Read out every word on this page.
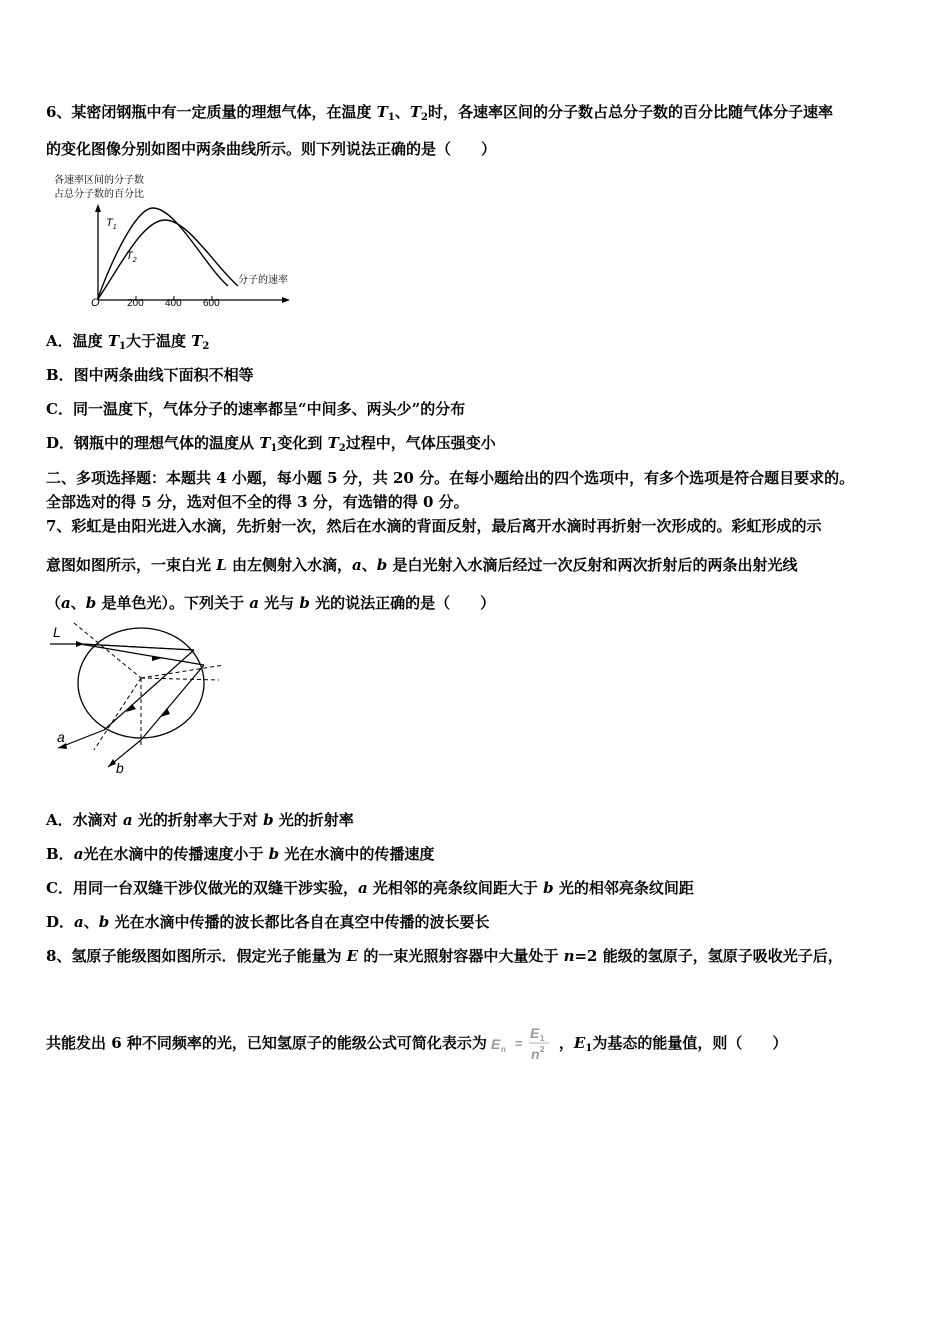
6、某密闭钢瓶中有一定质量的理想气体，在温度 $T_1$、$T_2$时，各速率区间的分子数占总分子数的百分比随气体分子速率
的变化图像分别如图中两条曲线所示。则下列说法正确的是（　　）
各速率区间的分子数
占总分子数的百分比
分子的速率
O	200 400 600
$T_1$
$T_2$
A．温度 $T_1$大于温度 $T_2$
B．图中两条曲线下面积不相等
C．同一温度下，气体分子的速率都呈“中间多、两头少”的分布
D．钢瓶中的理想气体的温度从 $T_1$变化到 $T_2$过程中，气体压强变小
二、多项选择题：本题共 4 小题，每小题 5 分，共 20 分。在每小题给出的四个选项中，有多个选项是符合题目要求的。
全部选对的得 5 分，选对但不全的得 3 分，有选错的得 0 分。
7、彩虹是由阳光进入水滴，先折射一次，然后在水滴的背面反射，最后离开水滴时再折射一次形成的。彩虹形成的示
意图如图所示，一束白光 L 由左侧射入水滴，a、b 是白光射入水滴后经过一次反射和两次折射后的两条出射光线
（a、b 是单色光）。下列关于 a 光与 b 光的说法正确的是（　　）
L
a
b
A．水滴对 a 光的折射率大于对 b 光的折射率
B．a光在水滴中的传播速度小于 b 光在水滴中的传播速度
C．用同一台双缝干涉仪做光的双缝干涉实验，a 光相邻的亮条纹间距大于 b 光的相邻亮条纹间距
D．a、b 光在水滴中传播的波长都比各自在真空中传播的波长要长
8、氢原子能级图如图所示．假定光子能量为 E 的一束光照射容器中大量处于 n=2 能级的氢原子，氢原子吸收光子后，
共能发出 6 种不同频率的光，已知氢原子的能级公式可简化表示为 E n =
E 1
n 2 ，$E_1$为基态的能量值，则（　　）
